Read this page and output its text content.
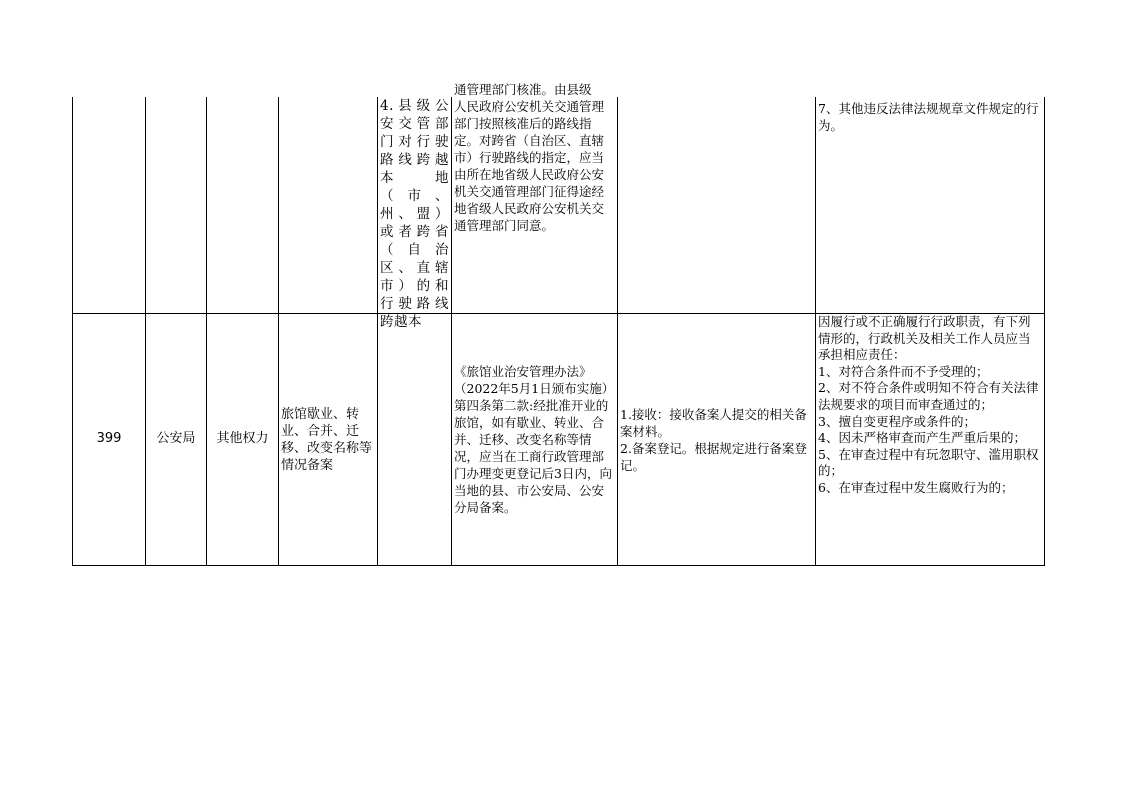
4.县级公安交管部门对行驶路线跨越本地（市、州、盟）或者跨省（自治区、直辖市）的和行驶路线跨越本

通管理部门核准。由县级

人民政府公安机关交通管理部门按照核准后的路线指定。对跨省（自治区、直辖市）行驶路线的指定，应当由所在地省级人民政府公安机关交通管理部门征得途经地省级人民政府公安机关交通管理部门同意。

7、其他违反法律法规规章文件规定的行为。

399	公安局 其他权力
旅馆歇业、转业、合并、迁移、改变名称等情况备案
《旅馆业治安管理办法》（2022年5月1日颁布实施）第四条第二款:经批准开业的旅馆，如有歇业、转业、合并、迁移、改变名称等情况，应当在工商行政管理部门办理变更登记后3日内，向当地的县、市公安局、公安分局备案。

1.接收：接收备案人提交的相关备案材料。

2.备案登记。根据规定进行备案登记。

因履行或不正确履行行政职责，有下列情形的，行政机关及相关工作人员应当承担相应责任：

1、对符合条件而不予受理的；

2、对不符合条件或明知不符合有关法律法规要求的项目而审查通过的；

3、擅自变更程序或条件的；

4、因未严格审查而产生严重后果的；

5、在审查过程中有玩忽职守、滥用职权的；

6、在审查过程中发生腐败行为的；
